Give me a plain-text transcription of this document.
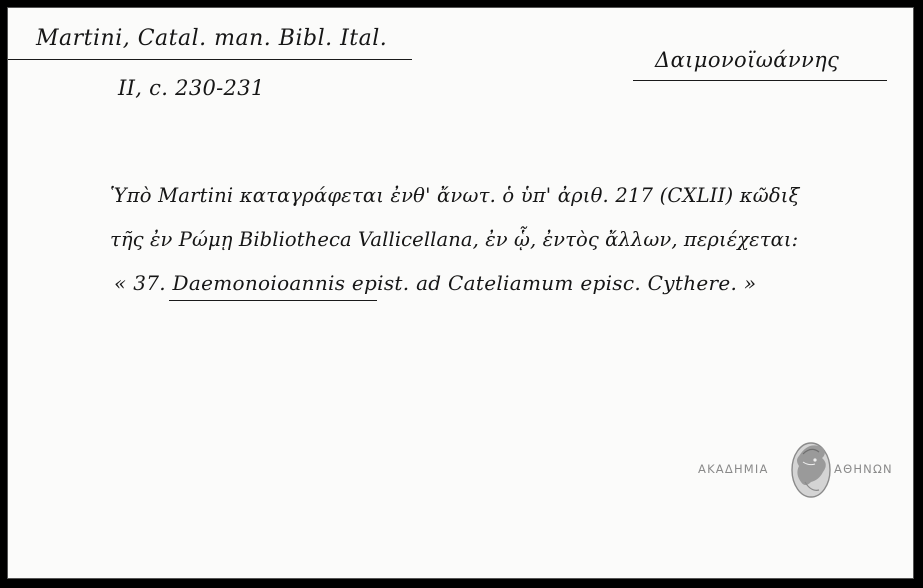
Martini, Catal. man. Bibl. Ital.
II, c. 230-231
Δαιμονοϊωάννης
Ὑπὸ Martini καταγράφεται ἐνθ' ἄνωτ. ὁ ὑπ' ἀριθ. 217 (CXLII) κῶδιξ
τῆς ἐν Ρώμῃ Bibliotheca Vallicellana, ἐν ᾧ, ἐντὸς ἄλλων, περιέχεται:
« 37. Daemonoioannis epist. ad Cateliamum episc. Cythere. »
ΑΚΑΔΗΜΙΑ	ΑΘΗΝΩΝ
